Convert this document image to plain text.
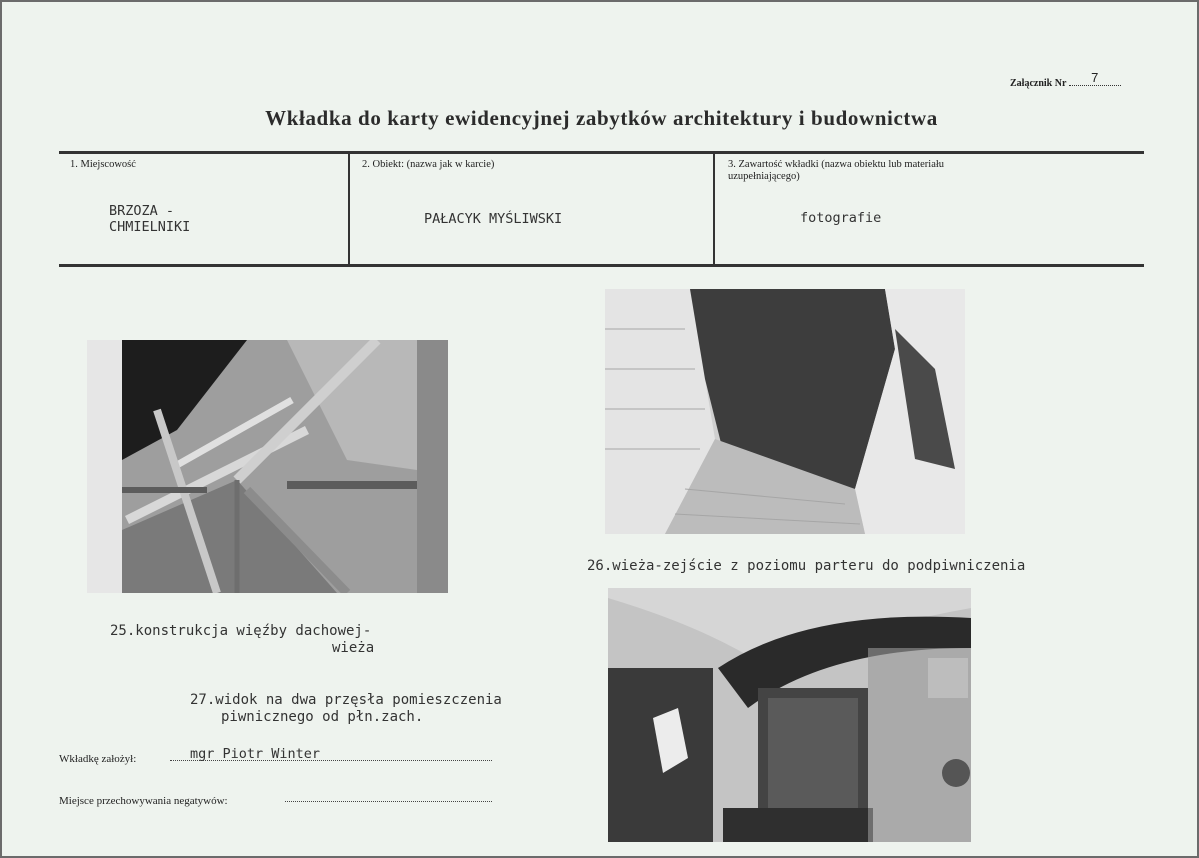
Załącznik Nr 7
Wkładka do karty ewidencyjnej zabytków architektury i budownictwa
1. Miejscowość
BRZOZA -
CHMIELNIKI
2. Obiekt: (nazwa jak w karcie)
PAŁACYK MYŚLIWSKI
3. Zawartość wkładki (nazwa obiektu lub materiału
uzupełniającego)
fotografie
26.wieża-zejście z poziomu parteru do podpiwniczenia
25.konstrukcja więźby dachowej-
wieża
27.widok na dwa przęsła pomieszczenia
piwnicznego od płn.zach.
Wkładkę założył:	mgr Piotr Winter
Miejsce przechowywania negatywów:
